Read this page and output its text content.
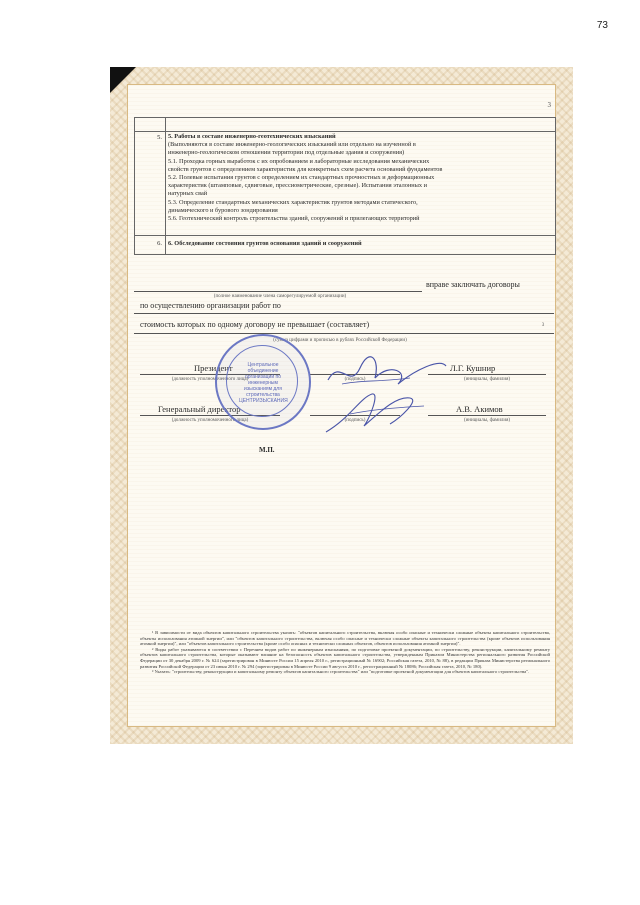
73
3
5. 5. Работы в составе инженерно-геотехнических изысканий
(Выполняются в составе инженерно-геологических изысканий или отдельно на изученной в
инженерно-геологическом отношении территории под отдельные здания и сооружения)
5.1. Проходка горных выработок с их опробованием и лабораторные исследования механических
свойств грунтов с определением характеристик для конкретных схем расчета оснований фундаментов
5.2. Полевые испытания грунтов с определением их стандартных прочностных и деформационных
характеристик (штамповые, сдвиговые, прессиометрические, срезные). Испытания эталонных и
натурных свай
5.3. Определение стандартных механических характеристик грунтов методами статического,
динамического и бурового зондирования
5.6. Геотехнический контроль строительства зданий, сооружений и прилегающих территорий
6. 6. Обследование состояния грунтов основания зданий и сооружений
вправе заключать договоры
(полное наименование члена саморегулируемой организации)
по осуществлению организации работ по
стоимость которых по одному договору не превышает (составляет)	3
(сумма цифрами и прописью в рублях Российской Федерации)
Президент
(должность уполномоченного лица)	(подпись)
Л.Г. Кушнир
(инициалы, фамилия)
Генеральный директор
(должность уполномоченного лица)	(подпись)
А.В. Акимов
(инициалы, фамилия)

¹ В зависимости от вида объектов капитального строительства указать: "объектов капитального строительства, включая особо опасные и технически сложные объекты капитального строительства, объекты использования атомной энергии", или "объектов капитального строительства, включая особо опасные и технически сложные объекты капитального строительства (кроме объектов использования атомной энергии)", или "объектов капитального строительства (кроме особо опасных и технически сложных объектов, объектов использования атомной энергии)".

² Виды работ указываются в соответствии с Перечнем видов работ по инженерным изысканиям, по подготовке проектной документации, по строительству, реконструкции, капитальному ремонту объектов капитального строительства, которые оказывают влияние на безопасность объектов капитального строительства, утвержденным Приказом Министерства регионального развития Российской Федерации от 30 декабря 2009 г. № 624 (зарегистрирован в Минюсте России 15 апреля 2010 г., регистрационный № 16902; Российская газета, 2010, № 88), в редакции Приказа Министерства регионального развития Российской Федерации от 23 июня 2010 г. № 294 (зарегистрирован в Минюсте России 9 августа 2010 г., регистрационный № 18086; Российская газета, 2010, № 180).

³ Указать: "строительству, реконструкции и капитальному ремонту объектов капитального строительства" или "подготовке проектной документации для объектов капитального строительства".

Центральное объединение организаций по инженерным изысканиям для строительства ЦЕНТРИЗЫСКАНИЯ
М.П.
